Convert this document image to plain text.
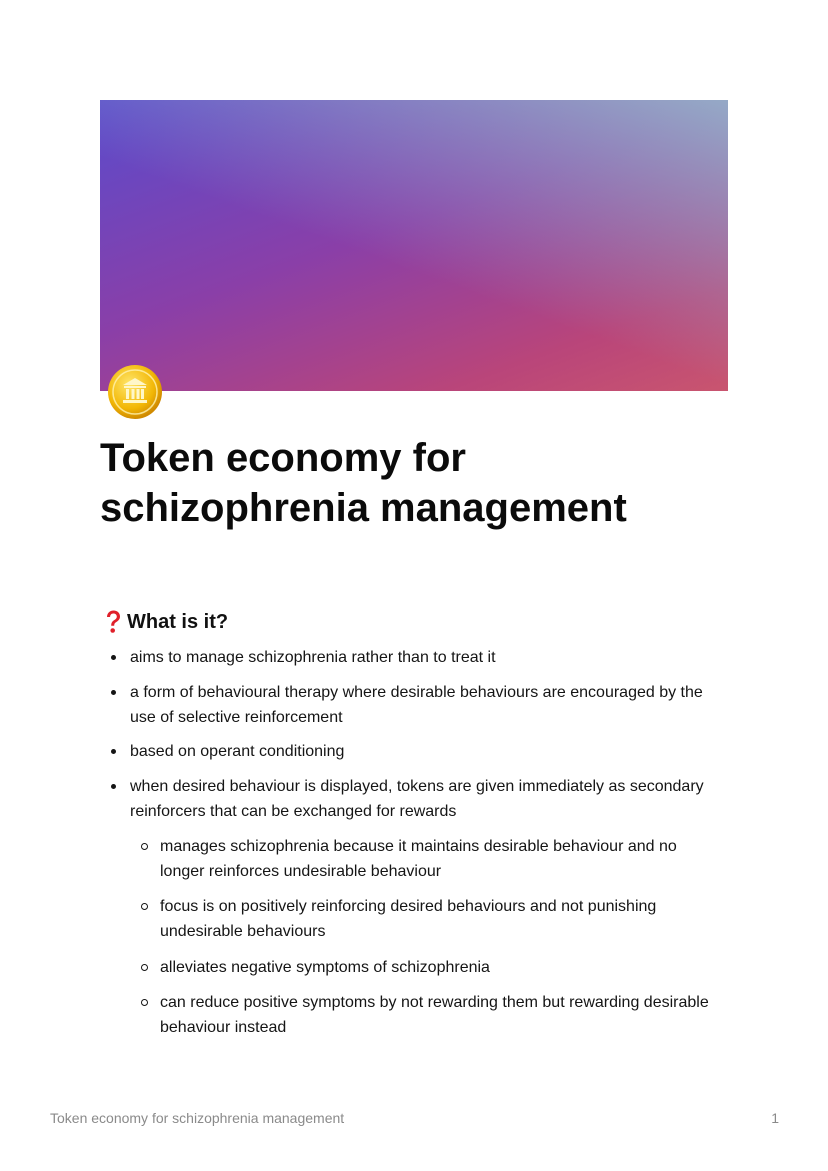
Token economy for
schizophrenia management
What is it?
aims to manage schizophrenia rather than to treat it
a form of behavioural therapy where desirable behaviours are encouraged by the use of selective reinforcement
based on operant conditioning
when desired behaviour is displayed, tokens are given immediately as secondary reinforcers that can be exchanged for rewards
manages schizophrenia because it maintains desirable behaviour and no longer reinforces undesirable behaviour
focus is on positively reinforcing desired behaviours and not punishing undesirable behaviours
alleviates negative symptoms of schizophrenia
can reduce positive symptoms by not rewarding them but rewarding desirable behaviour instead
Token economy for schizophrenia management	1
